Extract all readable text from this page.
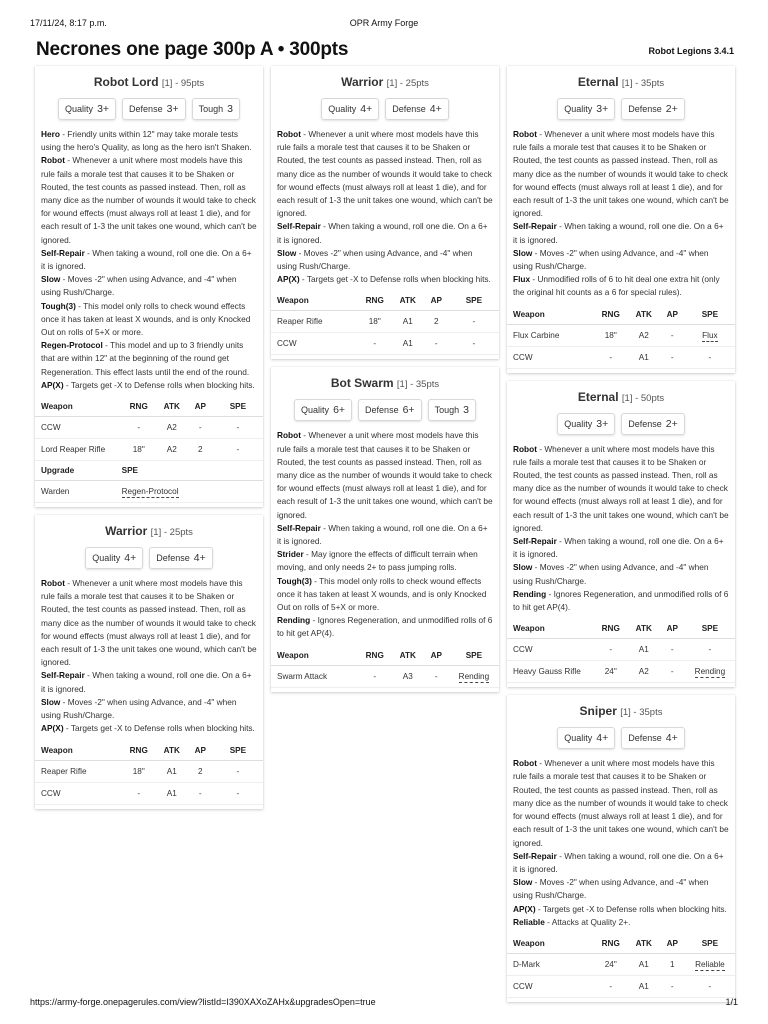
17/11/24, 8:17 p.m.	OPR Army Forge
Necrones one page 300p A • 300pts	Robot Legions 3.4.1
Robot Lord [1] - 95pts
Quality 3+	Defense 3+	Tough 3
Hero - Friendly units within 12" may take morale tests using the hero's Quality, as long as the hero isn't Shaken.
Robot - Whenever a unit where most models have this rule fails a morale test that causes it to be Shaken or Routed, the test counts as passed instead. Then, roll as many dice as the number of wounds it would take to check for wound effects (must always roll at least 1 die), and for each result of 1-3 the unit takes one wound, which can't be ignored.
Self-Repair - When taking a wound, roll one die. On a 6+ it is ignored.
Slow - Moves -2" when using Advance, and -4" when using Rush/Charge.
Tough(3) - This model only rolls to check wound effects once it has taken at least X wounds, and is only Knocked Out on rolls of 5+X or more.
Regen-Protocol - This model and up to 3 friendly units that are within 12" at the beginning of the round get Regeneration. This effect lasts until the end of the round.
AP(X) - Targets get -X to Defense rolls when blocking hits.
Weapon	RNG	ATK	AP	SPE
CCW	-	A2	-	-
Lord Reaper Rifle	18"	A2	2	-
Upgrade	SPE
Warden	Regen-Protocol
Warrior [1] - 25pts
Quality 4+	Defense 4+
Robot - Whenever a unit where most models have this rule fails a morale test that causes it to be Shaken or Routed, the test counts as passed instead. Then, roll as many dice as the number of wounds it would take to check for wound effects (must always roll at least 1 die), and for each result of 1-3 the unit takes one wound, which can't be ignored.
Self-Repair - When taking a wound, roll one die. On a 6+ it is ignored.
Slow - Moves -2" when using Advance, and -4" when using Rush/Charge.
AP(X) - Targets get -X to Defense rolls when blocking hits.
Weapon	RNG	ATK	AP	SPE
Reaper Rifle	18"	A1	2	-
CCW	-	A1	-	-
Warrior [1] - 25pts
Quality 4+	Defense 4+
Robot - Whenever a unit where most models have this rule fails a morale test that causes it to be Shaken or Routed, the test counts as passed instead. Then, roll as many dice as the number of wounds it would take to check for wound effects (must always roll at least 1 die), and for each result of 1-3 the unit takes one wound, which can't be ignored.
Self-Repair - When taking a wound, roll one die. On a 6+ it is ignored.
Slow - Moves -2" when using Advance, and -4" when using Rush/Charge.
AP(X) - Targets get -X to Defense rolls when blocking hits.
Weapon	RNG	ATK	AP	SPE
Reaper Rifle	18"	A1	2	-
CCW	-	A1	-	-
Bot Swarm [1] - 35pts
Quality 6+	Defense 6+	Tough 3
Robot - Whenever a unit where most models have this rule fails a morale test that causes it to be Shaken or Routed, the test counts as passed instead. Then, roll as many dice as the number of wounds it would take to check for wound effects (must always roll at least 1 die), and for each result of 1-3 the unit takes one wound, which can't be ignored.
Self-Repair - When taking a wound, roll one die. On a 6+ it is ignored.
Strider - May ignore the effects of difficult terrain when moving, and only needs 2+ to pass jumping rolls.
Tough(3) - This model only rolls to check wound effects once it has taken at least X wounds, and is only Knocked Out on rolls of 5+X or more.
Rending - Ignores Regeneration, and unmodified rolls of 6 to hit get AP(4).
Weapon	RNG	ATK	AP	SPE
Swarm Attack	-	A3	-	Rending
Eternal [1] - 35pts
Quality 3+	Defense 2+
Robot - Whenever a unit where most models have this rule fails a morale test that causes it to be Shaken or Routed, the test counts as passed instead. Then, roll as many dice as the number of wounds it would take to check for wound effects (must always roll at least 1 die), and for each result of 1-3 the unit takes one wound, which can't be ignored.
Self-Repair - When taking a wound, roll one die. On a 6+ it is ignored.
Slow - Moves -2" when using Advance, and -4" when using Rush/Charge.
Flux - Unmodified rolls of 6 to hit deal one extra hit (only the original hit counts as a 6 for special rules).
Weapon	RNG	ATK	AP	SPE
Flux Carbine	18"	A2	-	Flux
CCW	-	A1	-	-
Eternal [1] - 50pts
Quality 3+	Defense 2+
Robot - Whenever a unit where most models have this rule fails a morale test that causes it to be Shaken or Routed, the test counts as passed instead. Then, roll as many dice as the number of wounds it would take to check for wound effects (must always roll at least 1 die), and for each result of 1-3 the unit takes one wound, which can't be ignored.
Self-Repair - When taking a wound, roll one die. On a 6+ it is ignored.
Slow - Moves -2" when using Advance, and -4" when using Rush/Charge.
Rending - Ignores Regeneration, and unmodified rolls of 6 to hit get AP(4).
Weapon	RNG	ATK	AP	SPE
CCW	-	A1	-	-
Heavy Gauss Rifle	24"	A2	-	Rending
Sniper [1] - 35pts
Quality 4+	Defense 4+
Robot - Whenever a unit where most models have this rule fails a morale test that causes it to be Shaken or Routed, the test counts as passed instead. Then, roll as many dice as the number of wounds it would take to check for wound effects (must always roll at least 1 die), and for each result of 1-3 the unit takes one wound, which can't be ignored.
Self-Repair - When taking a wound, roll one die. On a 6+ it is ignored.
Slow - Moves -2" when using Advance, and -4" when using Rush/Charge.
AP(X) - Targets get -X to Defense rolls when blocking hits.
Reliable - Attacks at Quality 2+.
Weapon	RNG	ATK	AP	SPE
D-Mark	24"	A1	1	Reliable
CCW	-	A1	-	-
https://army-forge.onepagerules.com/view?listId=I390XAXoZAHx&upgradesOpen=true	1/1
